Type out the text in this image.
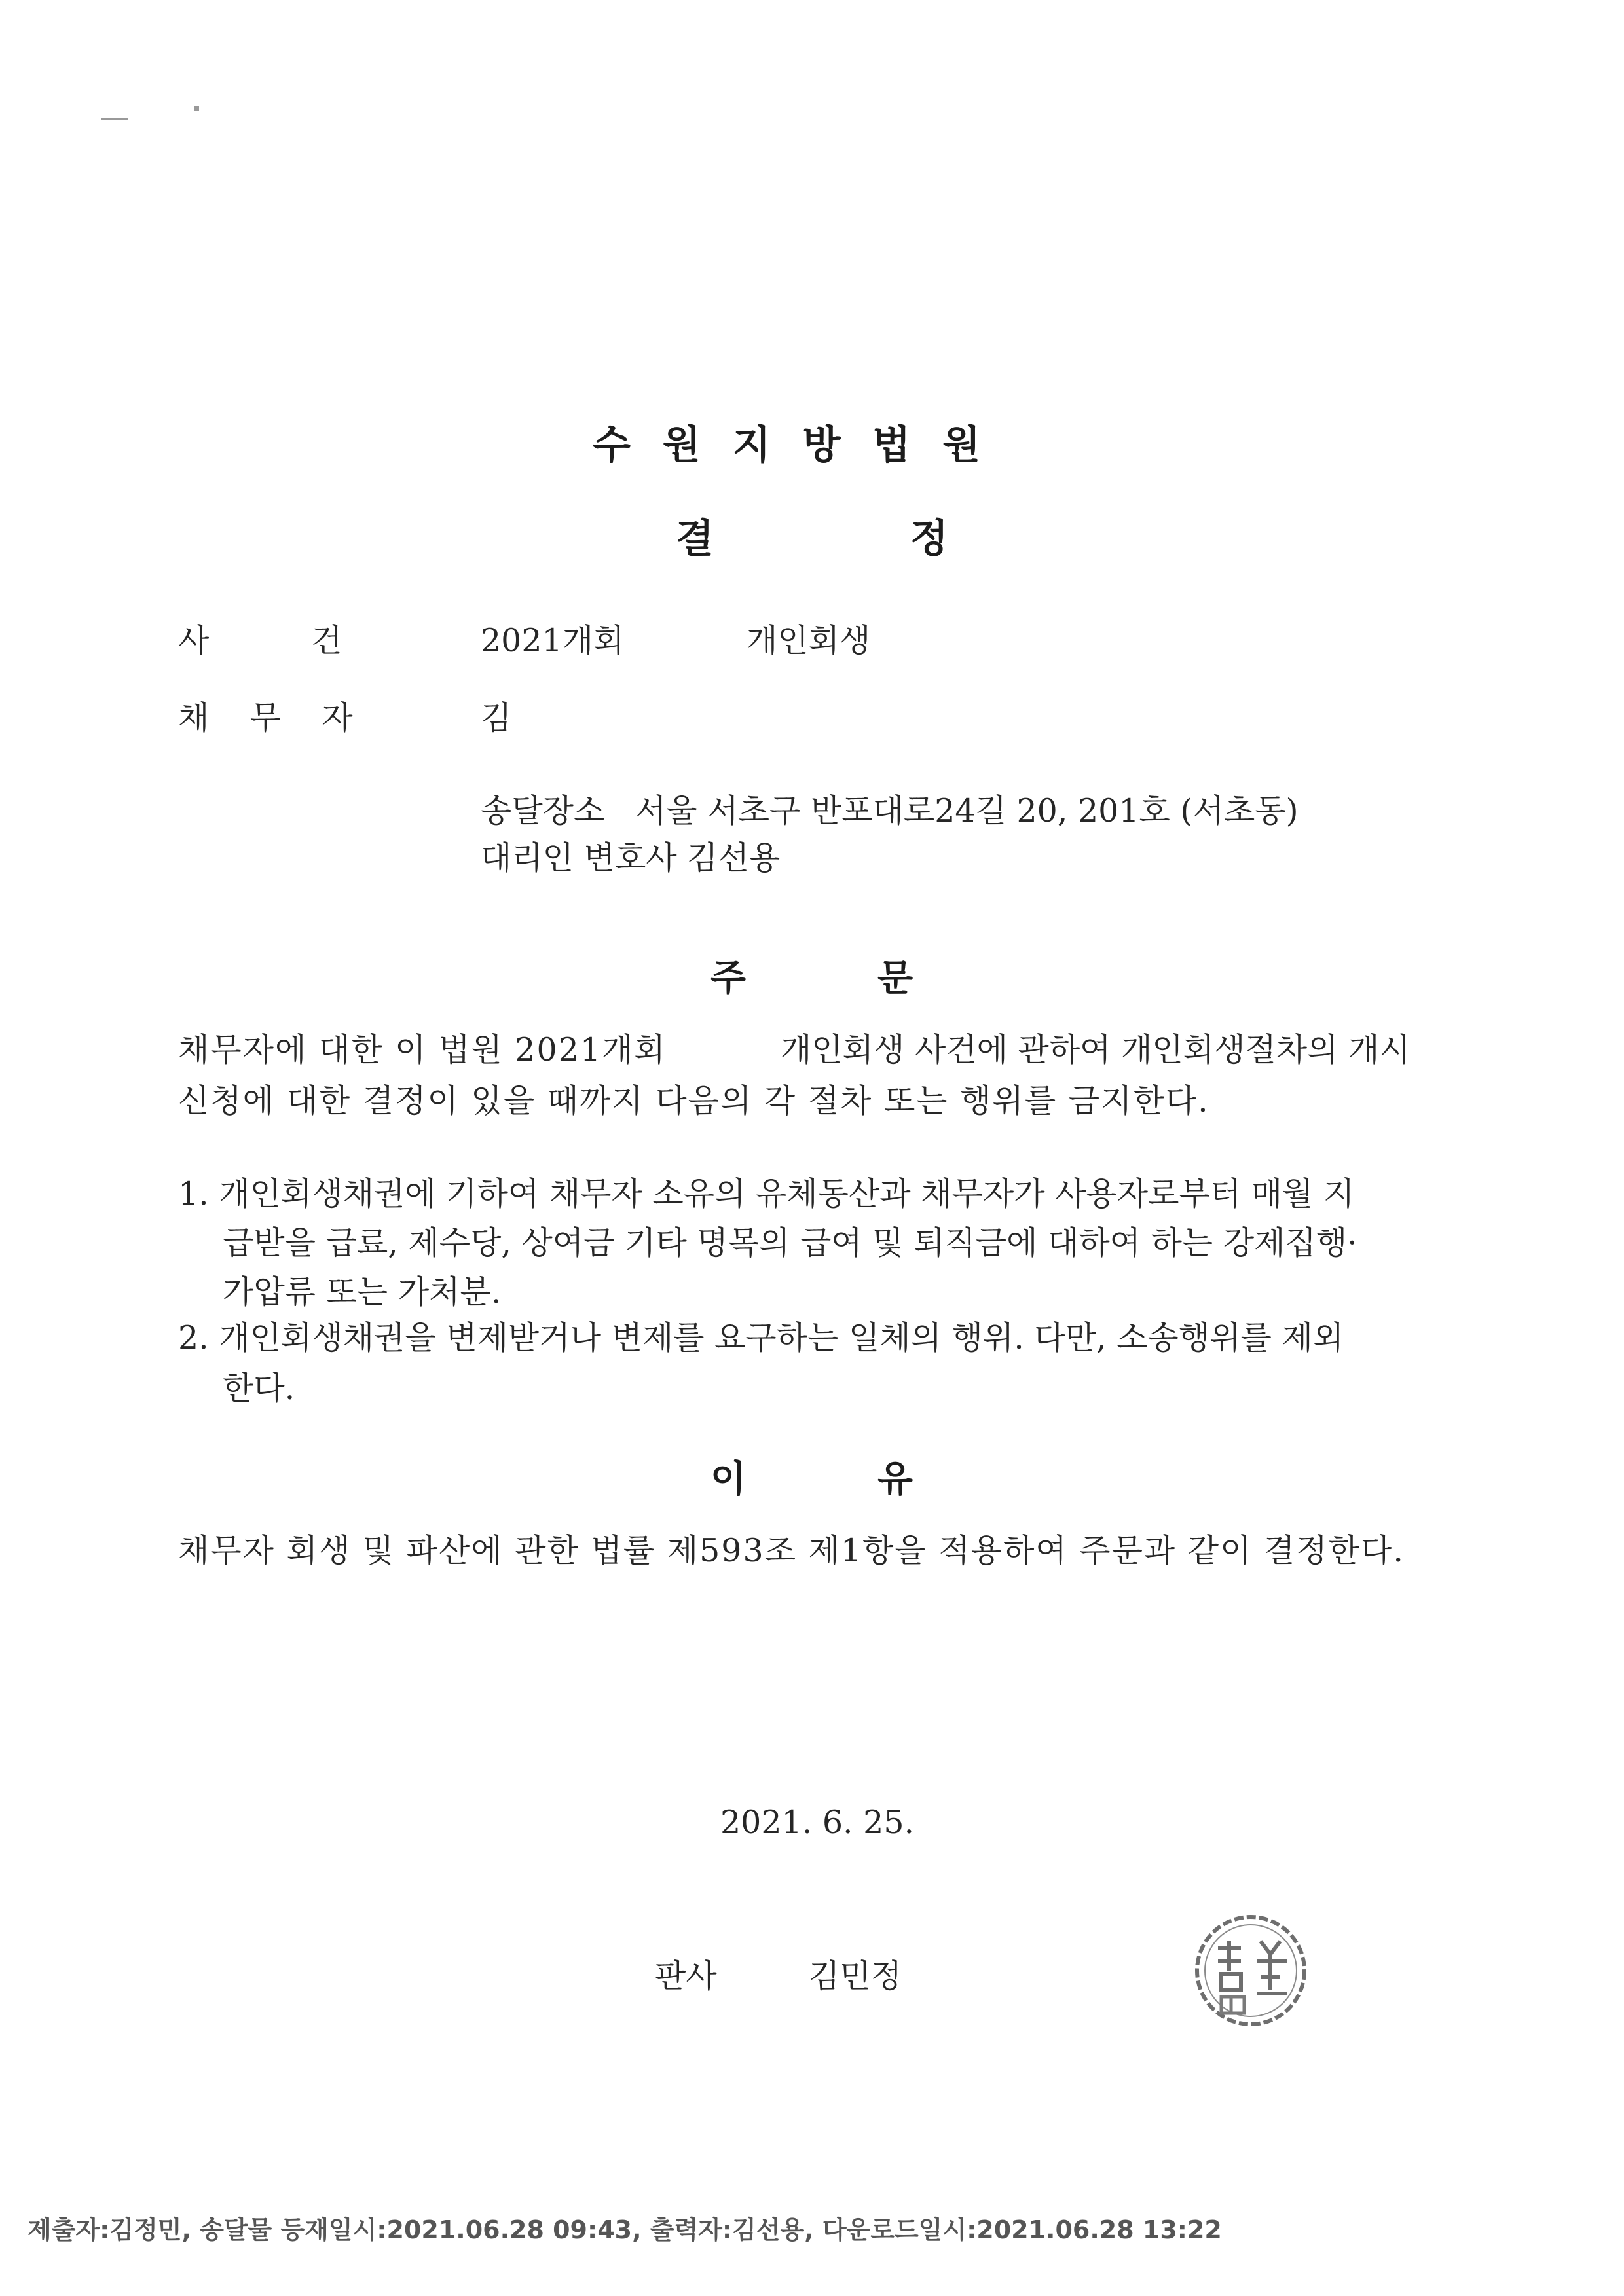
수 원 지 방 법 원
결	정
사          건	2021개회	개인회생
채    무    자	김
송달장소   서울 서초구 반포대로24길 20, 201호 (서초동)
대리인 변호사 김선용
주	문
채무자에 대한 이 법원 2021개회	개인회생 사건에 관하여 개인회생절차의 개시
신청에 대한 결정이 있을 때까지 다음의 각 절차 또는 행위를 금지한다.
1. 개인회생채권에 기하여 채무자 소유의 유체동산과 채무자가 사용자로부터 매월 지
급받을 급료, 제수당, 상여금 기타 명목의 급여 및 퇴직금에 대하여 하는 강제집행·
가압류 또는 가처분.
2. 개인회생채권을 변제받거나 변제를 요구하는 일체의 행위. 다만, 소송행위를 제외
한다.
이	유
채무자 회생 및 파산에 관한 법률 제593조 제1항을 적용하여 주문과 같이 결정한다.
2021. 6. 25.
판사	김민정
제출자:김정민, 송달물 등재일시:2021.06.28 09:43, 출력자:김선용, 다운로드일시:2021.06.28 13:22
